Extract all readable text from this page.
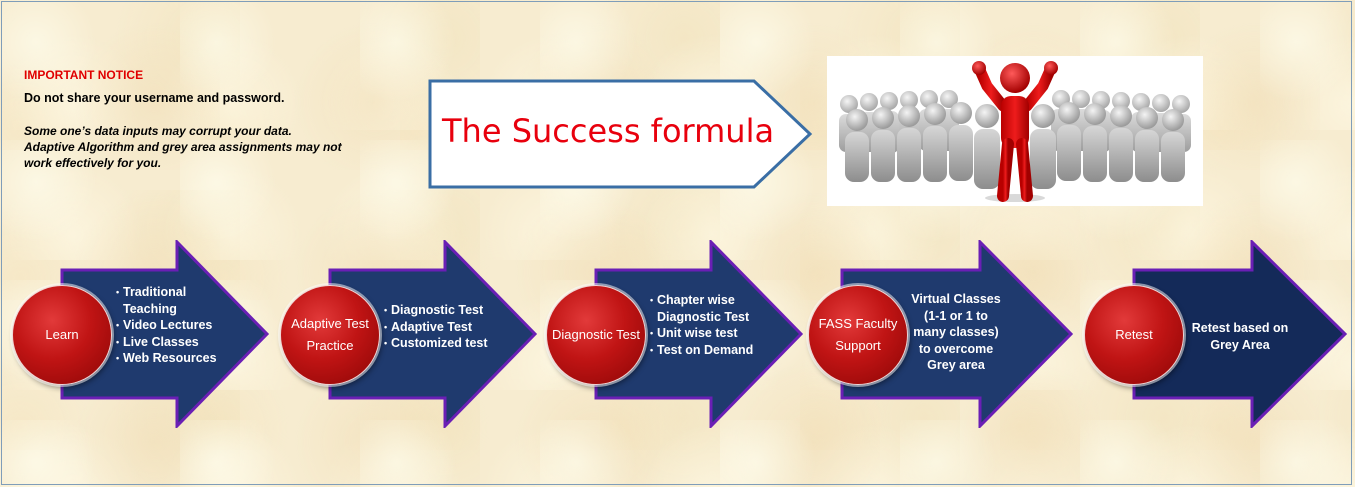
IMPORTANT NOTICE

Do not share your username and password.

Some one’s data inputs may corrupt your data.
Adaptive Algorithm and grey area assignments may not
work effectively for you.

The Success formula
Learn
• Traditional Teaching
• Video Lectures
• Live Classes
• Web Resources
Adaptive Test Practice
• Diagnostic Test
• Adaptive Test
• Customized test
Diagnostic Test
• Chapter wise Diagnostic Test
• Unit wise test
• Test on Demand
FASS Faculty Support
Virtual Classes
(1-1 or 1 to many classes) to overcome Grey area
Retest	Retest based on Grey Area
